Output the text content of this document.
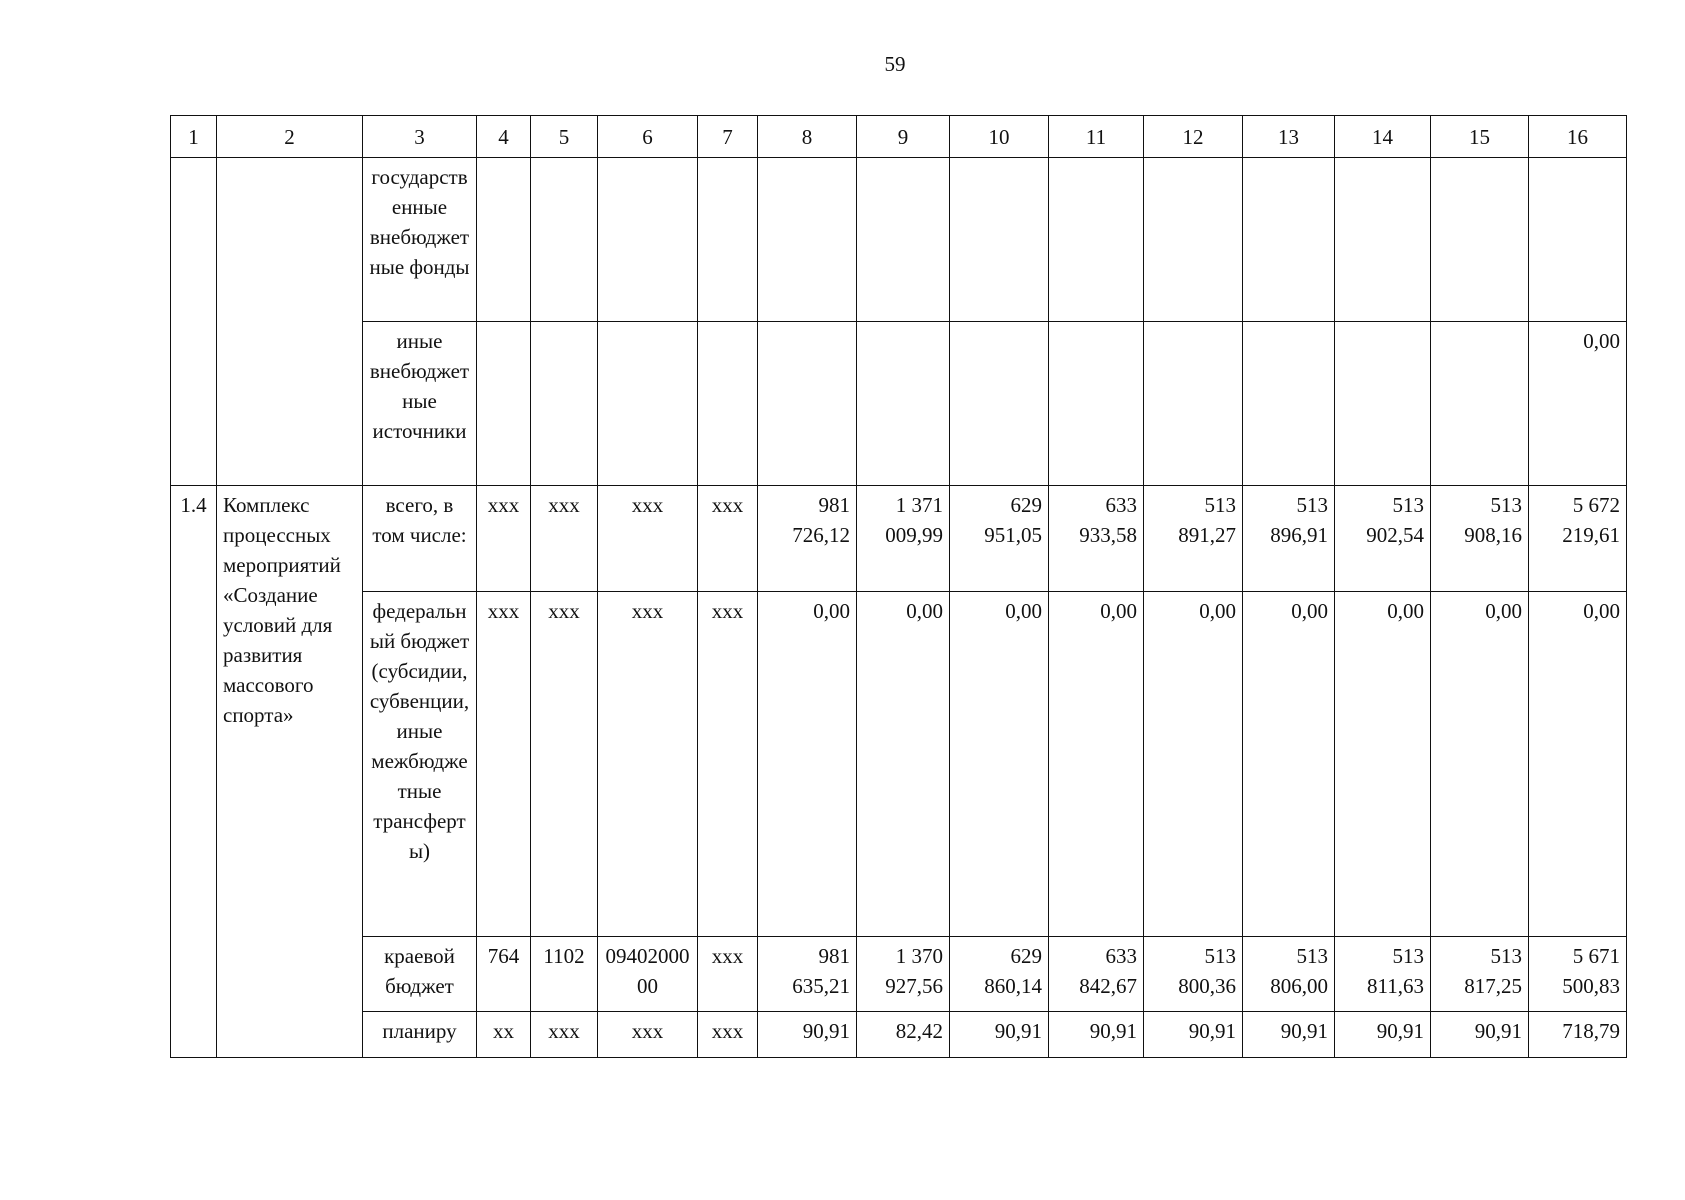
59
1	2	3	4	5	6	7	8	9	10	11	12	13	14	15	16
		государственные внебюджетные фонды													
		иные внебюджетные источники													0,00
1.4	Комплекс процессных мероприятий «Создание условий для развития массового спорта»	всего, в том числе:	ххх	ххх	ххх	ххх	981 726,12	1 371 009,99	629 951,05	633 933,58	513 891,27	513 896,91	513 902,54	513 908,16	5 672 219,61
		федеральный бюджет (субсидии, субвенции, иные межбюджетные трансферты)	ххх	ххх	ххх	ххх	0,00	0,00	0,00	0,00	0,00	0,00	0,00	0,00	0,00
		краевой бюджет	764	1102	0940200000	ххх	981 635,21	1 370 927,56	629 860,14	633 842,67	513 800,36	513 806,00	513 811,63	513 817,25	5 671 500,83
		планиру	хх	ххх	ххх	ххх	90,91	82,42	90,91	90,91	90,91	90,91	90,91	90,91	718,79
